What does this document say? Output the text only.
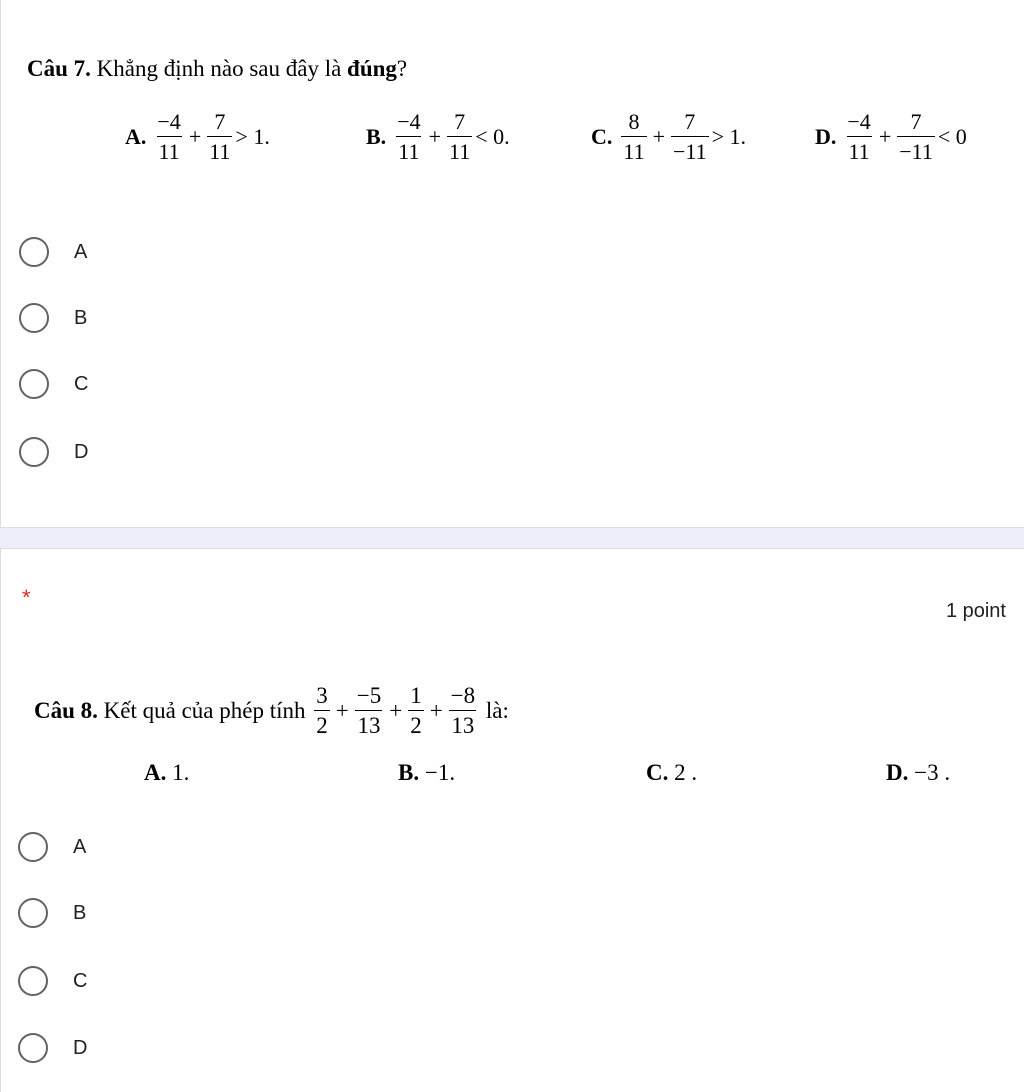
Câu 7. Khẳng định nào sau đây là đúng?
A. $\frac{-4}{11} + \frac{7}{11} > 1$.	B. $\frac{-4}{11} + \frac{7}{11} < 0$.	C. $\frac{8}{11} + \frac{7}{-11} > 1$.	D. $\frac{-4}{11} + \frac{7}{-11} < 0$
A
B
C
D
*
1 point
Câu 8. Kết quả của phép tính $\frac{3}{2} + \frac{-5}{13} + \frac{1}{2} + \frac{-8}{13}$ là:
A. 1.	B. −1.	C. 2 .	D. −3 .
A
B
C
D
